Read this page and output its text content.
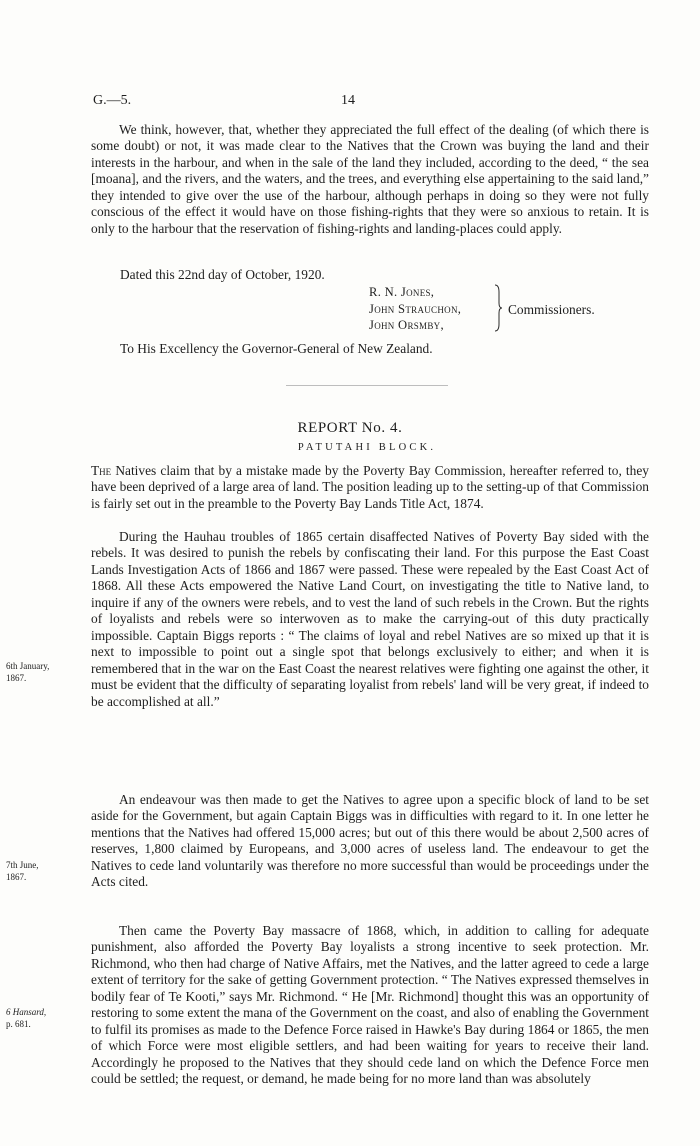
G.—5.	14

We think, however, that, whether they appreciated the full effect of the dealing (of which there is some doubt) or not, it was made clear to the Natives that the Crown was buying the land and their interests in the harbour, and when in the sale of the land they included, according to the deed, “ the sea [moana], and the rivers, and the waters, and the trees, and everything else appertaining to the said land,” they intended to give over the use of the harbour, although perhaps in doing so they were not fully conscious of the effect it would have on those fishing-rights that they were so anxious to retain. It is only to the harbour that the reservation of fishing-rights and landing-places could apply.

Dated this 22nd day of October, 1920.

R. N. Jones,
John Strauchon,
John Orsmby,
Commissioners.
To His Excellency the Governor-General of New Zealand.
REPORT No. 4.
PATUTAHI BLOCK.

The Natives claim that by a mistake made by the Poverty Bay Commission, hereafter referred to, they have been deprived of a large area of land. The position leading up to the setting-up of that Commission is fairly set out in the preamble to the Poverty Bay Lands Title Act, 1874.

During the Hauhau troubles of 1865 certain disaffected Natives of Poverty Bay sided with the rebels. It was desired to punish the rebels by confiscating their land. For this purpose the East Coast Lands Investigation Acts of 1866 and 1867 were passed. These were repealed by the East Coast Act of 1868. All these Acts empowered the Native Land Court, on investigating the title to Native land, to inquire if any of the owners were rebels, and to vest the land of such rebels in the Crown. But the rights of loyalists and rebels were so interwoven as to make the carrying-out of this duty practically impossible. Captain Biggs reports : “ The claims of loyal and rebel Natives are so mixed up that it is next to impossible to point out a single spot that belongs exclusively to either; and when it is remembered that in the war on the East Coast the nearest relatives were fighting one against the other, it must be evident that the difficulty of separating loyalist from rebels' land will be very great, if indeed to be accomplished at all.”

An endeavour was then made to get the Natives to agree upon a specific block of land to be set aside for the Government, but again Captain Biggs was in difficulties with regard to it. In one letter he mentions that the Natives had offered 15,000 acres; but out of this there would be about 2,500 acres of reserves, 1,800 claimed by Europeans, and 3,000 acres of useless land. The endeavour to get the Natives to cede land voluntarily was therefore no more successful than would be proceedings under the Acts cited.

Then came the Poverty Bay massacre of 1868, which, in addition to calling for adequate punishment, also afforded the Poverty Bay loyalists a strong incentive to seek protection. Mr. Richmond, who then had charge of Native Affairs, met the Natives, and the latter agreed to cede a large extent of territory for the sake of getting Government protection. “ The Natives expressed themselves in bodily fear of Te Kooti,” says Mr. Richmond. “ He [Mr. Richmond] thought this was an opportunity of restoring to some extent the mana of the Government on the coast, and also of enabling the Government to fulfil its promises as made to the Defence Force raised in Hawke's Bay during 1864 or 1865, the men of which Force were most eligible settlers, and had been waiting for years to receive their land. Accordingly he proposed to the Natives that they should cede land on which the Defence Force men could be settled; the request, or demand, he made being for no more land than was absolutely

6th January,
1867.
7th June,
1867.
6 Hansard,
p. 681.
